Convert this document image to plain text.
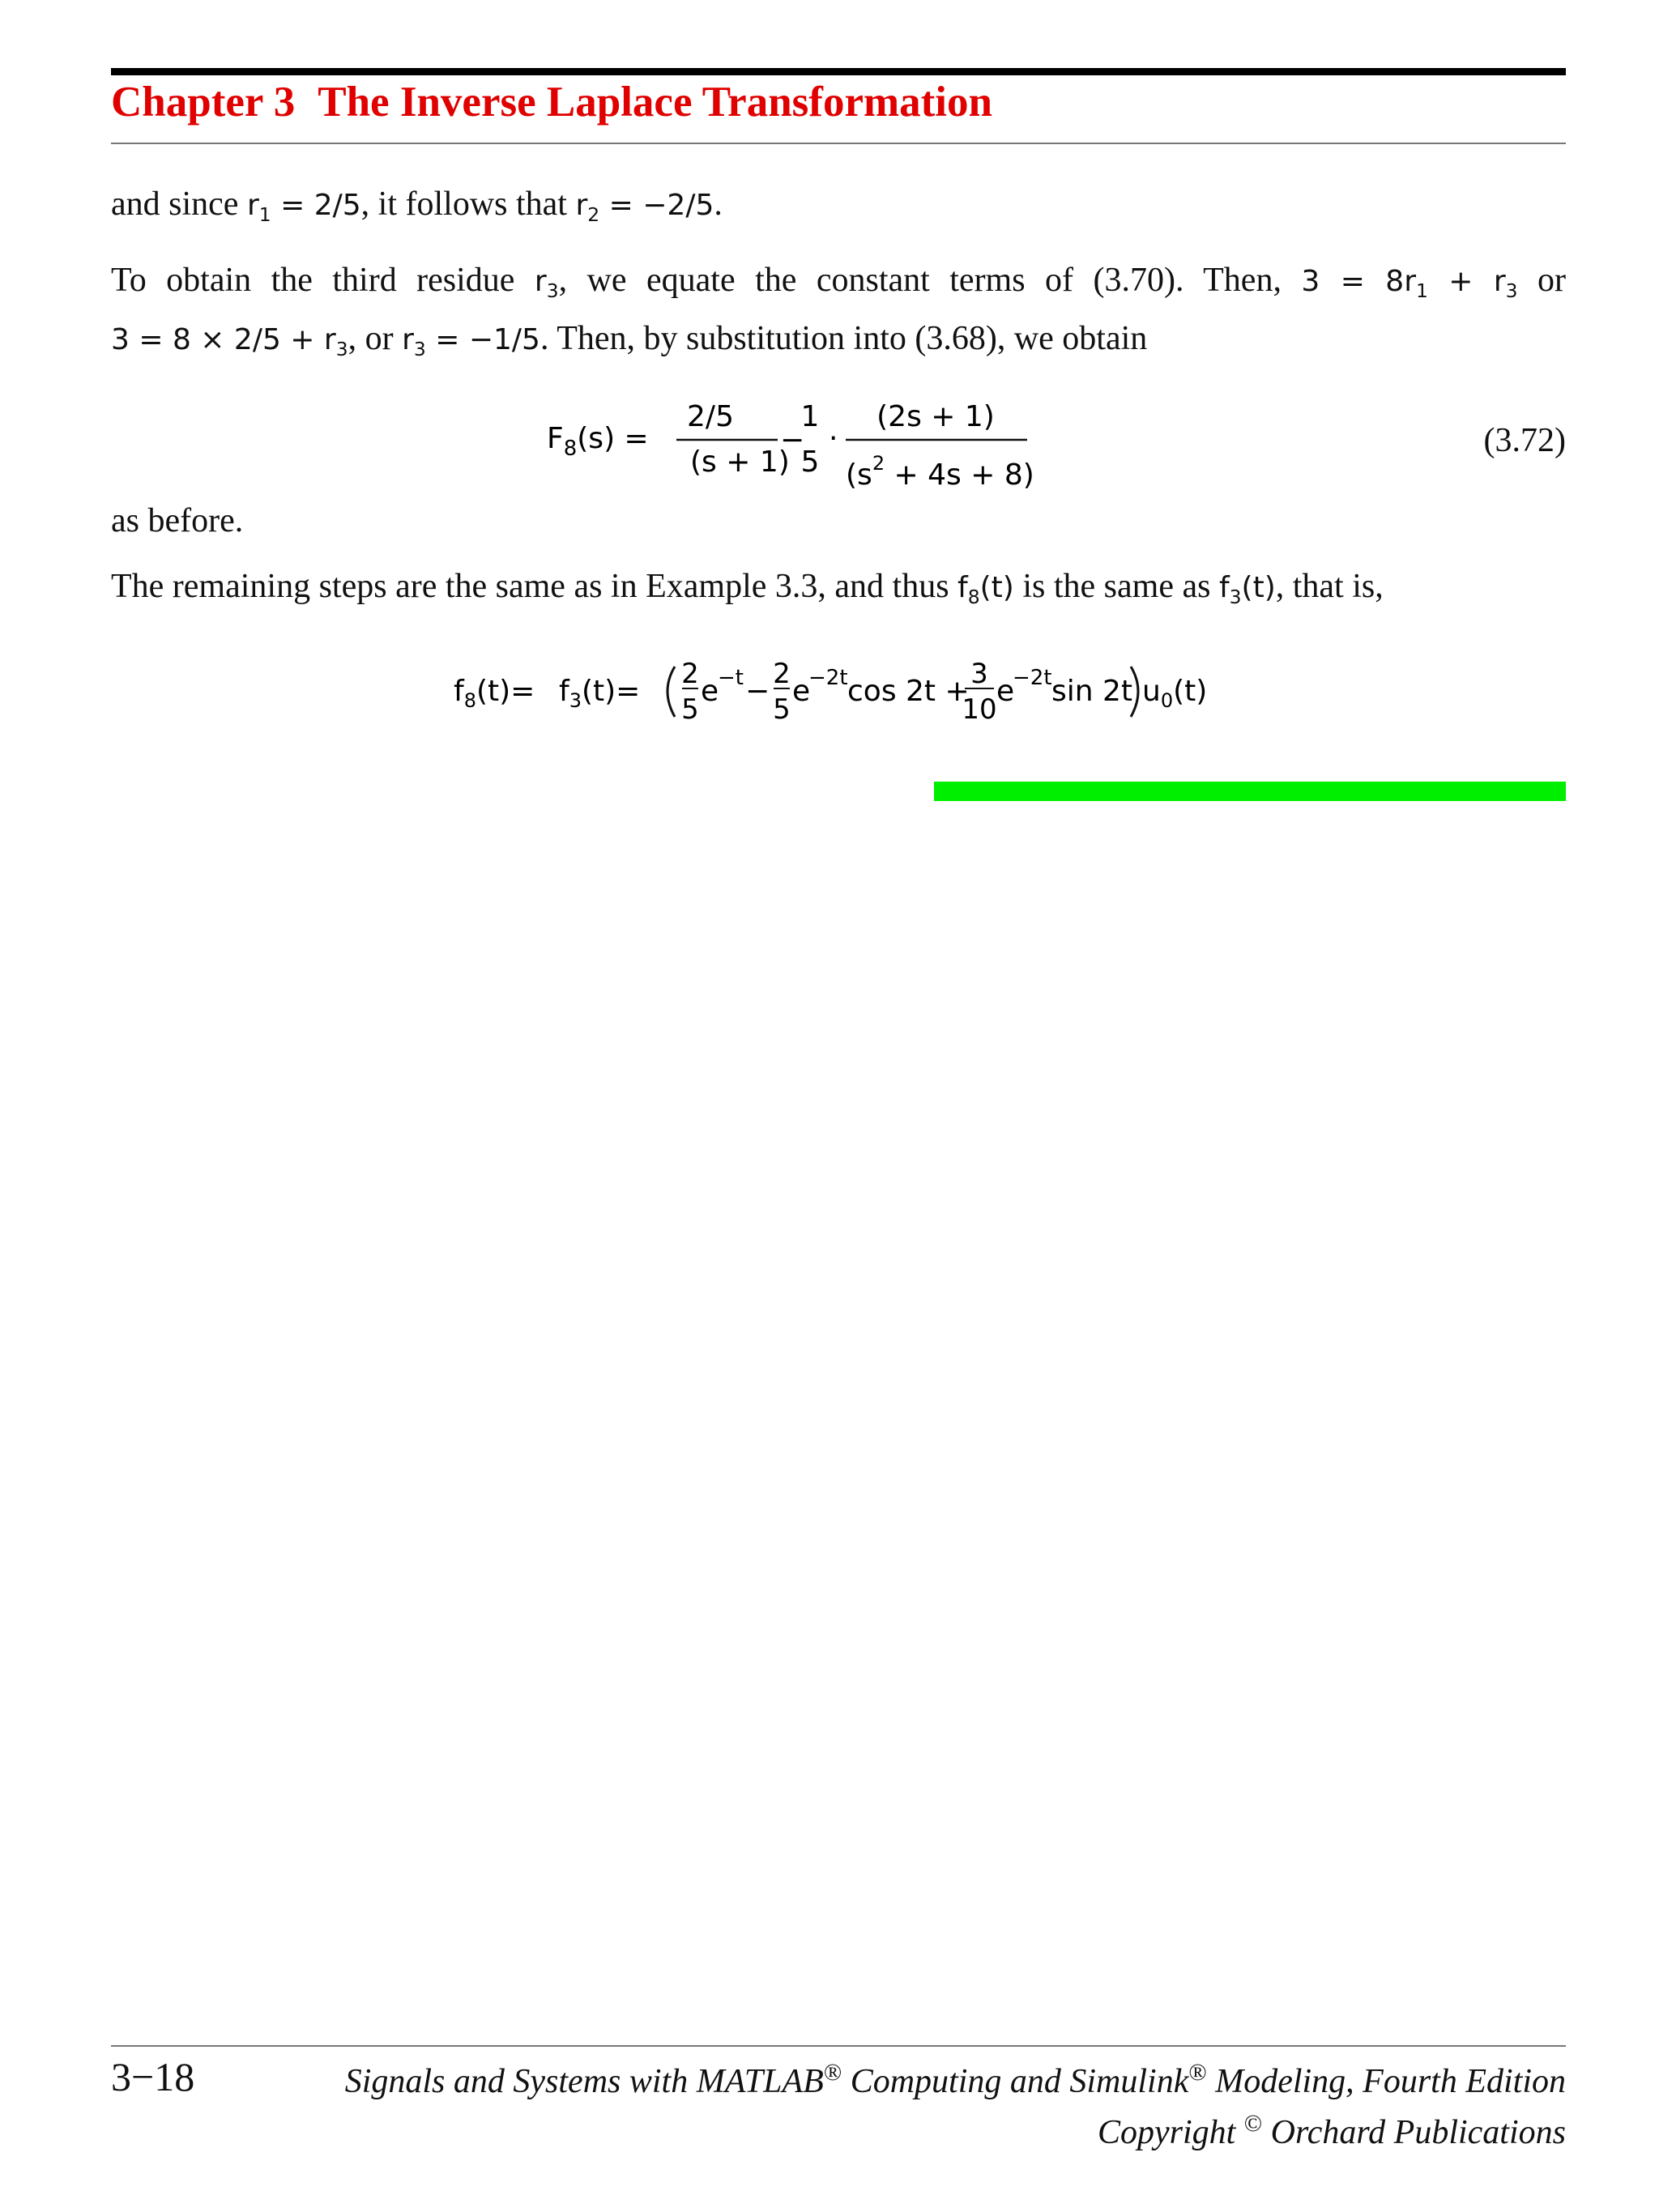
Chapter 3 The Inverse Laplace Transformation
and since $r_1 = 2/5$, it follows that $r_2 = -2/5$.
To obtain the third residue $r_3$, we equate the constant terms of (3.70). Then, $3 = 8r_1 + r_3$ or
$3 = 8 \times 2/5 + r_3$, or $r_3 = -1/5$. Then, by substitution into (3.68), we obtain
$F_8(s)$ =
2/5
(s + 1)
−
1
5
·
(2s + 1)
$(s^2 + 4s + 8)$
(3.72)
as before.
The remaining steps are the same as in Example 3.3, and thus $f_8(t)$ is the same as $f_3(t)$, that is,
$f_8(t)= f_3(t)=$
2
5
e
−t −
2
5
e
−2t cos 2t +
3
10
e
−2t sin 2t $u_0(t)$
3−18	Signals and Systems with MATLAB® Computing and Simulink® Modeling, Fourth Edition
Copyright © Orchard Publications
